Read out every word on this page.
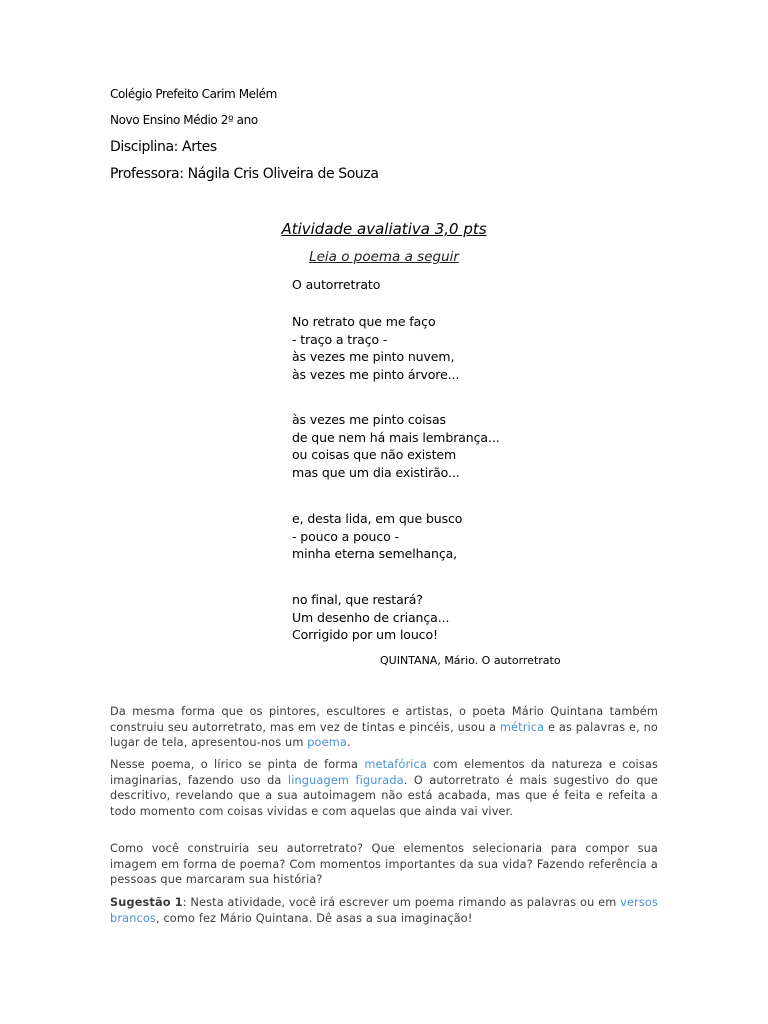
Colégio Prefeito Carim Melém

Novo Ensino Médio 2º ano

Disciplina: Artes

Professora: Nágila Cris Oliveira de Souza

Atividade avaliativa 3,0 pts

Leia o poema a seguir

O autorretrato
No retrato que me faço
- traço a traço -
às vezes me pinto nuvem,
às vezes me pinto árvore...
às vezes me pinto coisas
de que nem há mais lembrança...
ou coisas que não existem
mas que um dia existirão...
e, desta lida, em que busco
- pouco a pouco -
minha eterna semelhança,
no final, que restará?
Um desenho de criança...
Corrigido por um louco!

QUINTANA, Mário. O autorretrato

Da mesma forma que os pintores, escultores e artistas, o poeta Mário Quintana também construiu seu autorretrato, mas em vez de tintas e pincéis, usou a métrica e as palavras e, no lugar de tela, apresentou-nos um poema.

Nesse poema, o lírico se pinta de forma metafórica com elementos da natureza e coisas imaginarias, fazendo uso da linguagem figurada. O autorretrato é mais sugestivo do que descritivo, revelando que a sua autoimagem não está acabada, mas que é feita e refeita a todo momento com coisas vividas e com aquelas que ainda vai viver.

Como você construiria seu autorretrato? Que elementos selecionaria para compor sua imagem em forma de poema? Com momentos importantes da sua vida? Fazendo referência a pessoas que marcaram sua história?

Sugestão 1: Nesta atividade, você irá escrever um poema rimando as palavras ou em versos brancos, como fez Mário Quintana. Dê asas a sua imaginação!
